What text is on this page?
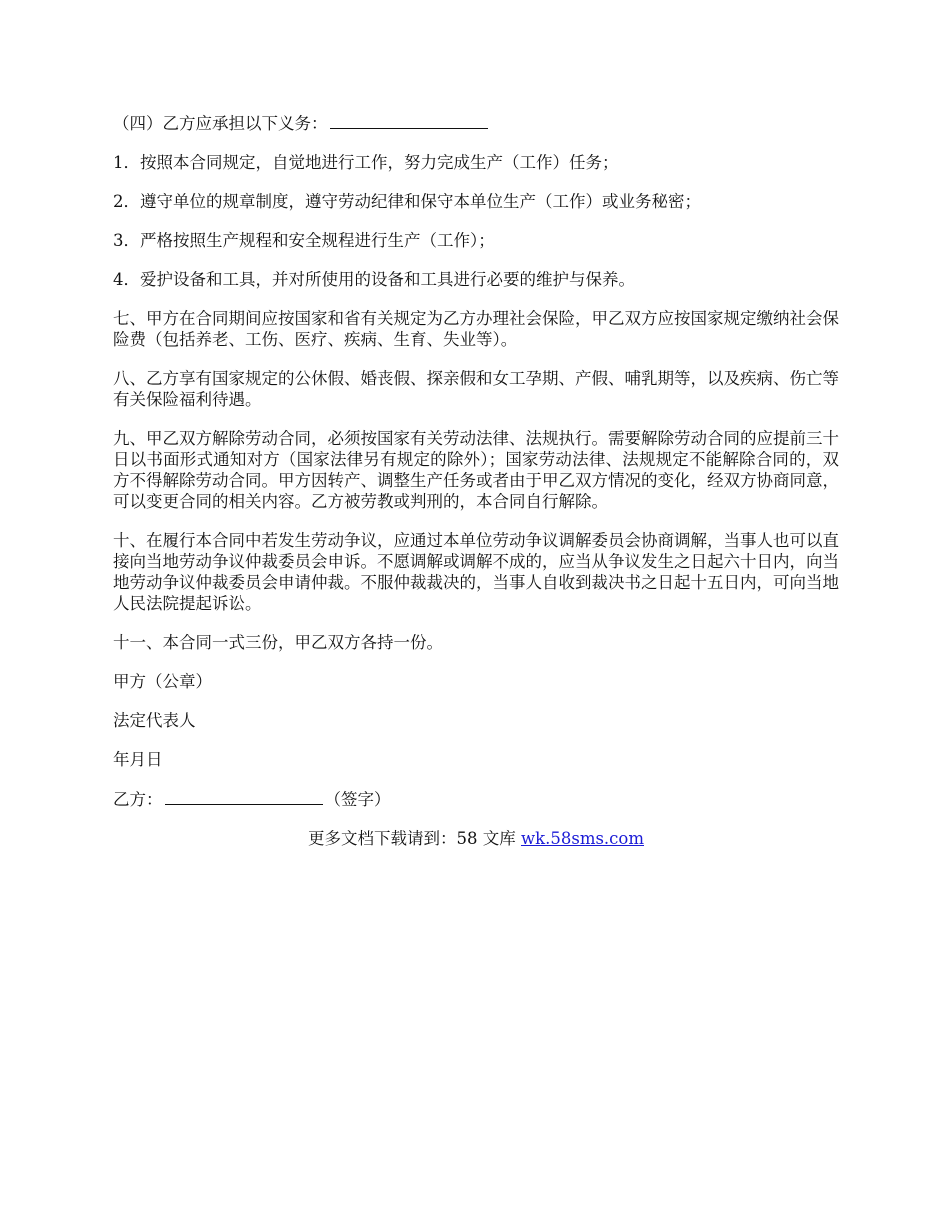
（四）乙方应承担以下义务：

1．按照本合同规定，自觉地进行工作，努力完成生产（工作）任务；

2．遵守单位的规章制度，遵守劳动纪律和保守本单位生产（工作）或业务秘密；

3．严格按照生产规程和安全规程进行生产（工作）；

4．爱护设备和工具，并对所使用的设备和工具进行必要的维护与保养。

七、甲方在合同期间应按国家和省有关规定为乙方办理社会保险，甲乙双方应按国家规定缴纳社会保险费（包括养老、工伤、医疗、疾病、生育、失业等）。

八、乙方享有国家规定的公休假、婚丧假、探亲假和女工孕期、产假、哺乳期等，以及疾病、伤亡等有关保险福利待遇。

九、甲乙双方解除劳动合同，必须按国家有关劳动法律、法规执行。需要解除劳动合同的应提前三十日以书面形式通知对方（国家法律另有规定的除外）；国家劳动法律、法规规定不能解除合同的，双方不得解除劳动合同。甲方因转产、调整生产任务或者由于甲乙双方情况的变化，经双方协商同意，可以变更合同的相关内容。乙方被劳教或判刑的，本合同自行解除。

十、在履行本合同中若发生劳动争议，应通过本单位劳动争议调解委员会协商调解，当事人也可以直接向当地劳动争议仲裁委员会申诉。不愿调解或调解不成的，应当从争议发生之日起六十日内，向当地劳动争议仲裁委员会申请仲裁。不服仲裁裁决的，当事人自收到裁决书之日起十五日内，可向当地人民法院提起诉讼。

十一、本合同一式三份，甲乙双方各持一份。

甲方（公章）

法定代表人

年月日

乙方：	（签字）

更多文档下载请到：58 文库 wk.58sms.com
